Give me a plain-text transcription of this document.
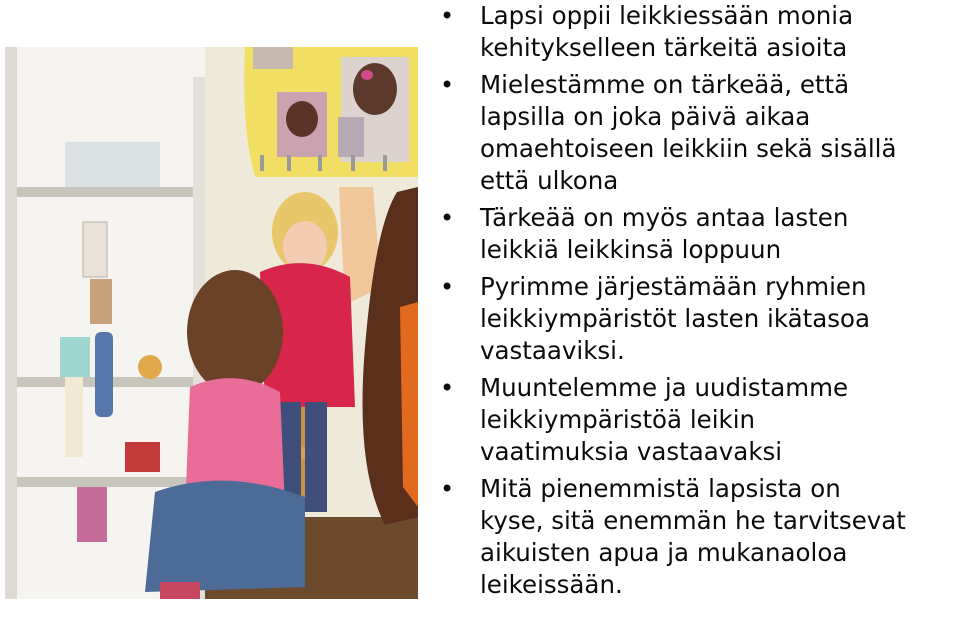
• Lapsi oppii leikkiessään monia
kehitykselleen tärkeitä asioita
• Mielestämme on tärkeää, että
lapsilla on joka päivä aikaa
omaehtoiseen leikkiin sekä sisällä
että ulkona
• Tärkeää on myös antaa lasten
leikkiä leikkinsä loppuun
• Pyrimme järjestämään ryhmien
leikkiympäristöt lasten ikätasoa
vastaaviksi.
• Muuntelemme ja uudistamme
leikkiympäristöä leikin
vaatimuksia vastaavaksi
• Mitä pienemmistä lapsista on
kyse, sitä enemmän he tarvitsevat
aikuisten apua ja mukanaoloa
leikeissään.
